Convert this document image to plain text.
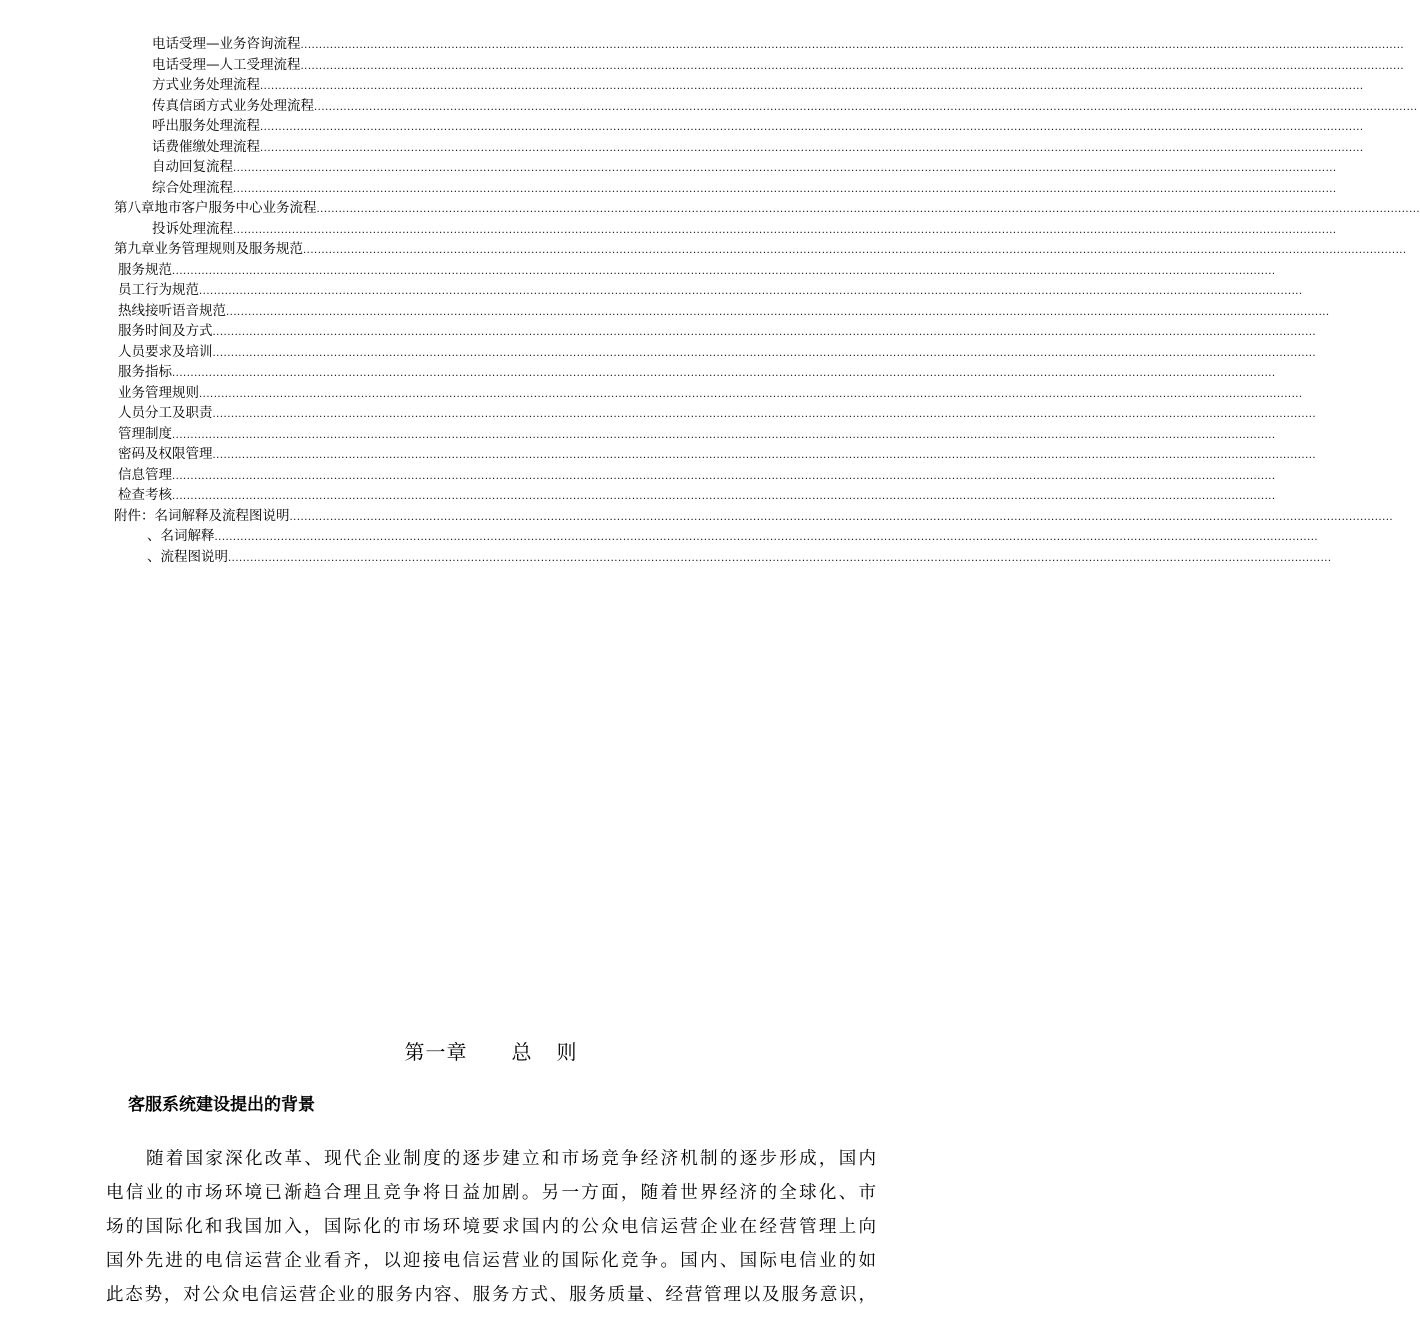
电话受理—业务咨询流程 ............................................................................................................................................................................................................................................................................................................
电话受理—人工受理流程 ............................................................................................................................................................................................................................................................................................................
方式业务处理流程 ............................................................................................................................................................................................................................................................................................................
传真信函方式业务处理流程 ............................................................................................................................................................................................................................................................................................................
呼出服务处理流程 ............................................................................................................................................................................................................................................................................................................
话费催缴处理流程 ............................................................................................................................................................................................................................................................................................................
自动回复流程 ............................................................................................................................................................................................................................................................................................................
综合处理流程 ............................................................................................................................................................................................................................................................................................................
第八章 地市客户服务中心业务流程 ............................................................................................................................................................................................................................................................................................................
投诉处理流程 ............................................................................................................................................................................................................................................................................................................
第九章 业务管理规则及服务规范 ............................................................................................................................................................................................................................................................................................................
服务规范 ............................................................................................................................................................................................................................................................................................................
员工行为规范 ............................................................................................................................................................................................................................................................................................................
热线接听语音规范 ............................................................................................................................................................................................................................................................................................................
服务时间及方式 ............................................................................................................................................................................................................................................................................................................
人员要求及培训 ............................................................................................................................................................................................................................................................................................................
服务指标 ............................................................................................................................................................................................................................................................................................................
业务管理规则 ............................................................................................................................................................................................................................................................................................................
人员分工及职责 ............................................................................................................................................................................................................................................................................................................
管理制度 ............................................................................................................................................................................................................................................................................................................
密码及权限管理 ............................................................................................................................................................................................................................................................................................................
信息管理 ............................................................................................................................................................................................................................................................................................................
检查考核 ............................................................................................................................................................................................................................................................................................................
附件：名词解释及流程图说明 ............................................................................................................................................................................................................................................................................................................
、 名词解释 ............................................................................................................................................................................................................................................................................................................
、 流程图说明 ............................................................................................................................................................................................................................................................................................................
第一章 总 则
客服系统建设提出的背景
随着国家深化改革、现代企业制度的逐步建立和市场竞争经济机制的逐步形成，国内
电信业的市场环境已渐趋合理且竞争将日益加剧。另一方面，随着世界经济的全球化、市
场的国际化和我国加入，国际化的市场环境要求国内的公众电信运营企业在经营管理上向
国外先进的电信运营企业看齐，以迎接电信运营业的国际化竞争。国内、国际电信业的如
此态势，对公众电信运营企业的服务内容、服务方式、服务质量、经营管理以及服务意识，
